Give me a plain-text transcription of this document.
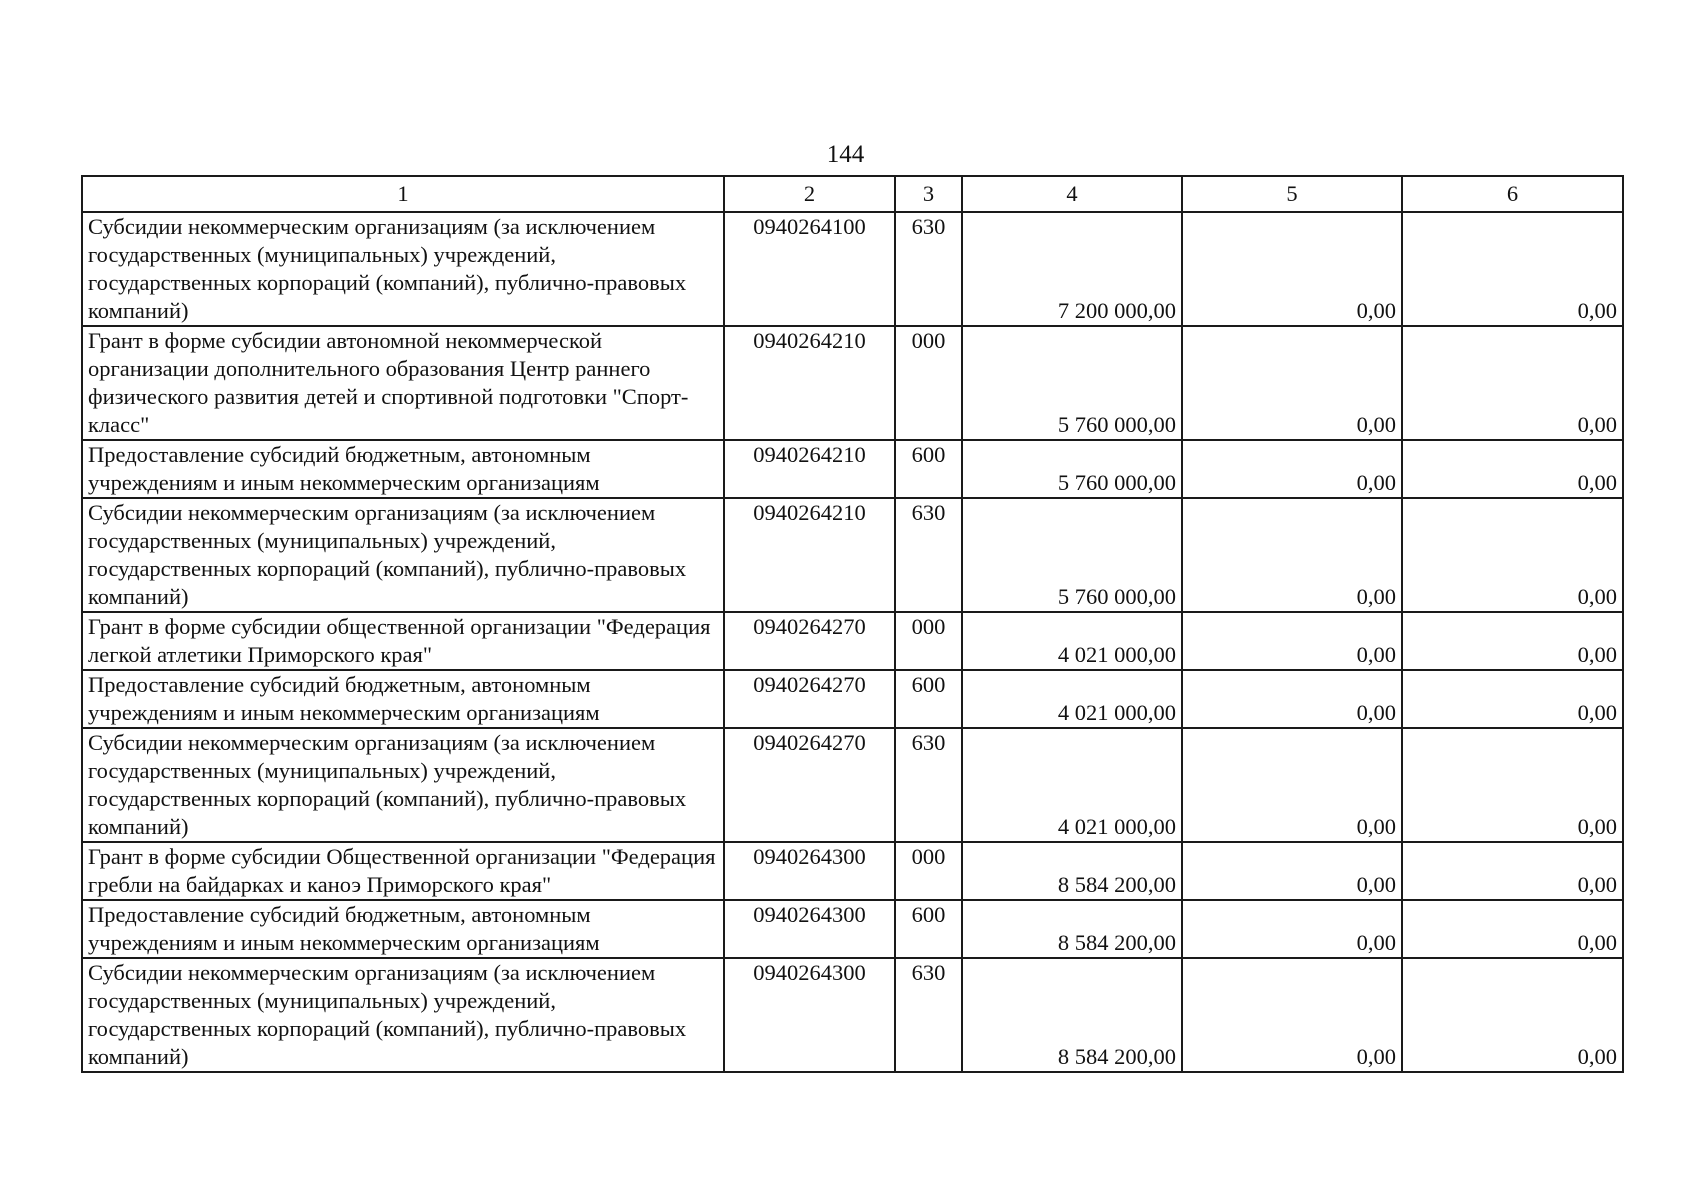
144
1	2	3	4	5	6
Субсидии некоммерческим организациям (за исключением государственных (муниципальных) учреждений, государственных корпораций (компаний), публично-правовых компаний)	0940264100	630	7 200 000,00	0,00	0,00
Грант в форме субсидии автономной некоммерческой организации дополнительного образования Центр раннего физического развития детей и спортивной подготовки "Спорт-класс"	0940264210	000	5 760 000,00	0,00	0,00
Предоставление субсидий бюджетным, автономным учреждениям и иным некоммерческим организациям	0940264210	600	5 760 000,00	0,00	0,00
Субсидии некоммерческим организациям (за исключением государственных (муниципальных) учреждений, государственных корпораций (компаний), публично-правовых компаний)	0940264210	630	5 760 000,00	0,00	0,00
Грант в форме субсидии общественной организации "Федерация легкой атлетики Приморского края"	0940264270	000	4 021 000,00	0,00	0,00
Предоставление субсидий бюджетным, автономным учреждениям и иным некоммерческим организациям	0940264270	600	4 021 000,00	0,00	0,00
Субсидии некоммерческим организациям (за исключением государственных (муниципальных) учреждений, государственных корпораций (компаний), публично-правовых компаний)	0940264270	630	4 021 000,00	0,00	0,00
Грант в форме субсидии Общественной организации "Федерация гребли на байдарках и каноэ Приморского края"	0940264300	000	8 584 200,00	0,00	0,00
Предоставление субсидий бюджетным, автономным учреждениям и иным некоммерческим организациям	0940264300	600	8 584 200,00	0,00	0,00
Субсидии некоммерческим организациям (за исключением государственных (муниципальных) учреждений, государственных корпораций (компаний), публично-правовых компаний)	0940264300	630	8 584 200,00	0,00	0,00
